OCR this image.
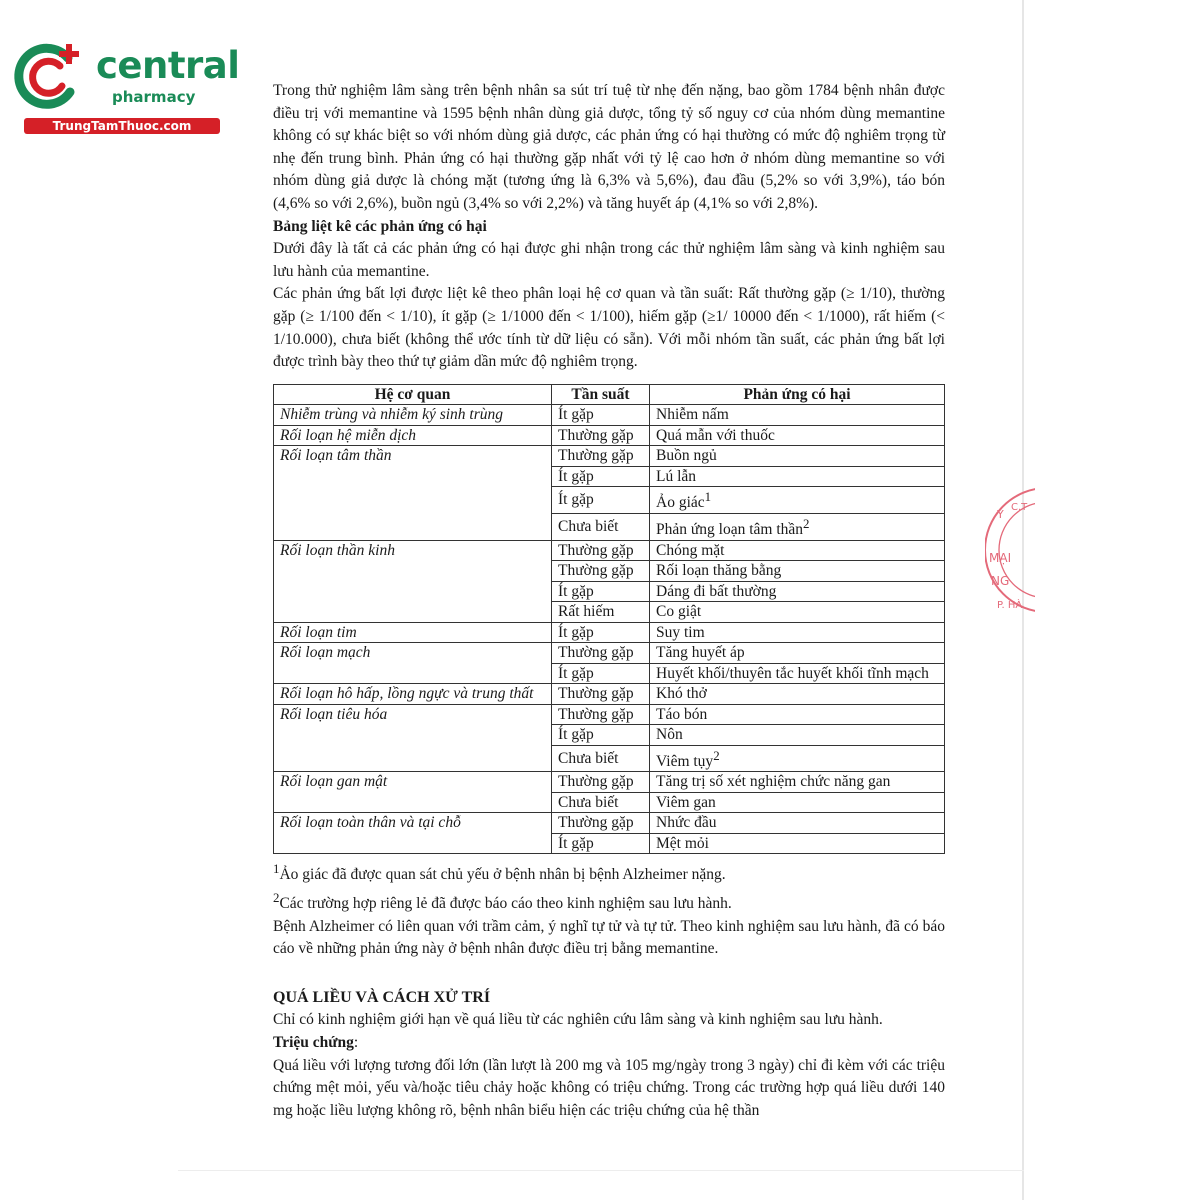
central
pharmacy
TrungTamThuoc.com
Y
C.T
MẠI
NG
P. HÀ

Trong thử nghiệm lâm sàng trên bệnh nhân sa sút trí tuệ từ nhẹ đến nặng, bao gồm 1784 bệnh nhân được điều trị với memantine và 1595 bệnh nhân dùng giả dược, tổng tỷ số nguy cơ của nhóm dùng memantine không có sự khác biệt so với nhóm dùng giả dược, các phản ứng có hại thường có mức độ nghiêm trọng từ nhẹ đến trung bình. Phản ứng có hại thường gặp nhất với tỷ lệ cao hơn ở nhóm dùng memantine so với nhóm dùng giả dược là chóng mặt (tương ứng là 6,3% và 5,6%), đau đầu (5,2% so với 3,9%), táo bón (4,6% so với 2,6%), buồn ngủ (3,4% so với 2,2%) và tăng huyết áp (4,1% so với 2,8%).

Bảng liệt kê các phản ứng có hại

Dưới đây là tất cả các phản ứng có hại được ghi nhận trong các thử nghiệm lâm sàng và kinh nghiệm sau lưu hành của memantine.

Các phản ứng bất lợi được liệt kê theo phân loại hệ cơ quan và tần suất: Rất thường gặp (≥ 1/10), thường gặp (≥ 1/100 đến < 1/10), ít gặp (≥ 1/1000 đến < 1/100), hiếm gặp (≥1/ 10000 đến < 1/1000), rất hiếm (< 1/10.000), chưa biết (không thể ước tính từ dữ liệu có sẵn). Với mỗi nhóm tần suất, các phản ứng bất lợi được trình bày theo thứ tự giảm dần mức độ nghiêm trọng.

Hệ cơ quan	Tần suất	Phản ứng có hại
Nhiễm trùng và nhiễm ký sinh trùng	Ít gặp	Nhiễm nấm
Rối loạn hệ miễn dịch	Thường gặp	Quá mẫn với thuốc
Rối loạn tâm thần	Thường gặp	Buồn ngủ
	Ít gặp	Lú lẫn
	Ít gặp	Ảo giác$^1$
	Chưa biết	Phản ứng loạn tâm thần$^2$
Rối loạn thần kinh	Thường gặp	Chóng mặt
	Thường gặp	Rối loạn thăng bằng
	Ít gặp	Dáng đi bất thường
	Rất hiếm	Co giật
Rối loạn tim	Ít gặp	Suy tim
Rối loạn mạch	Thường gặp	Tăng huyết áp
	Ít gặp	Huyết khối/thuyên tắc huyết khối tĩnh mạch
Rối loạn hô hấp, lồng ngực và trung thất	Thường gặp	Khó thở
Rối loạn tiêu hóa	Thường gặp	Táo bón
	Ít gặp	Nôn
	Chưa biết	Viêm tụy$^2$
Rối loạn gan mật	Thường gặp	Tăng trị số xét nghiệm chức năng gan
	Chưa biết	Viêm gan
Rối loạn toàn thân và tại chỗ	Thường gặp	Nhức đầu
	Ít gặp	Mệt mỏi

$^1$Ảo giác đã được quan sát chủ yếu ở bệnh nhân bị bệnh Alzheimer nặng.

$^2$Các trường hợp riêng lẻ đã được báo cáo theo kinh nghiệm sau lưu hành.

Bệnh Alzheimer có liên quan với trầm cảm, ý nghĩ tự tử và tự tử. Theo kinh nghiệm sau lưu hành, đã có báo cáo về những phản ứng này ở bệnh nhân được điều trị bằng memantine.

QUÁ LIỀU VÀ CÁCH XỬ TRÍ

Chỉ có kinh nghiệm giới hạn về quá liều từ các nghiên cứu lâm sàng và kinh nghiệm sau lưu hành.

Triệu chứng:

Quá liều với lượng tương đối lớn (lần lượt là 200 mg và 105 mg/ngày trong 3 ngày) chỉ đi kèm với các triệu chứng mệt mỏi, yếu và/hoặc tiêu chảy hoặc không có triệu chứng. Trong các trường hợp quá liều dưới 140 mg hoặc liều lượng không rõ, bệnh nhân biểu hiện các triệu chứng của hệ thần
